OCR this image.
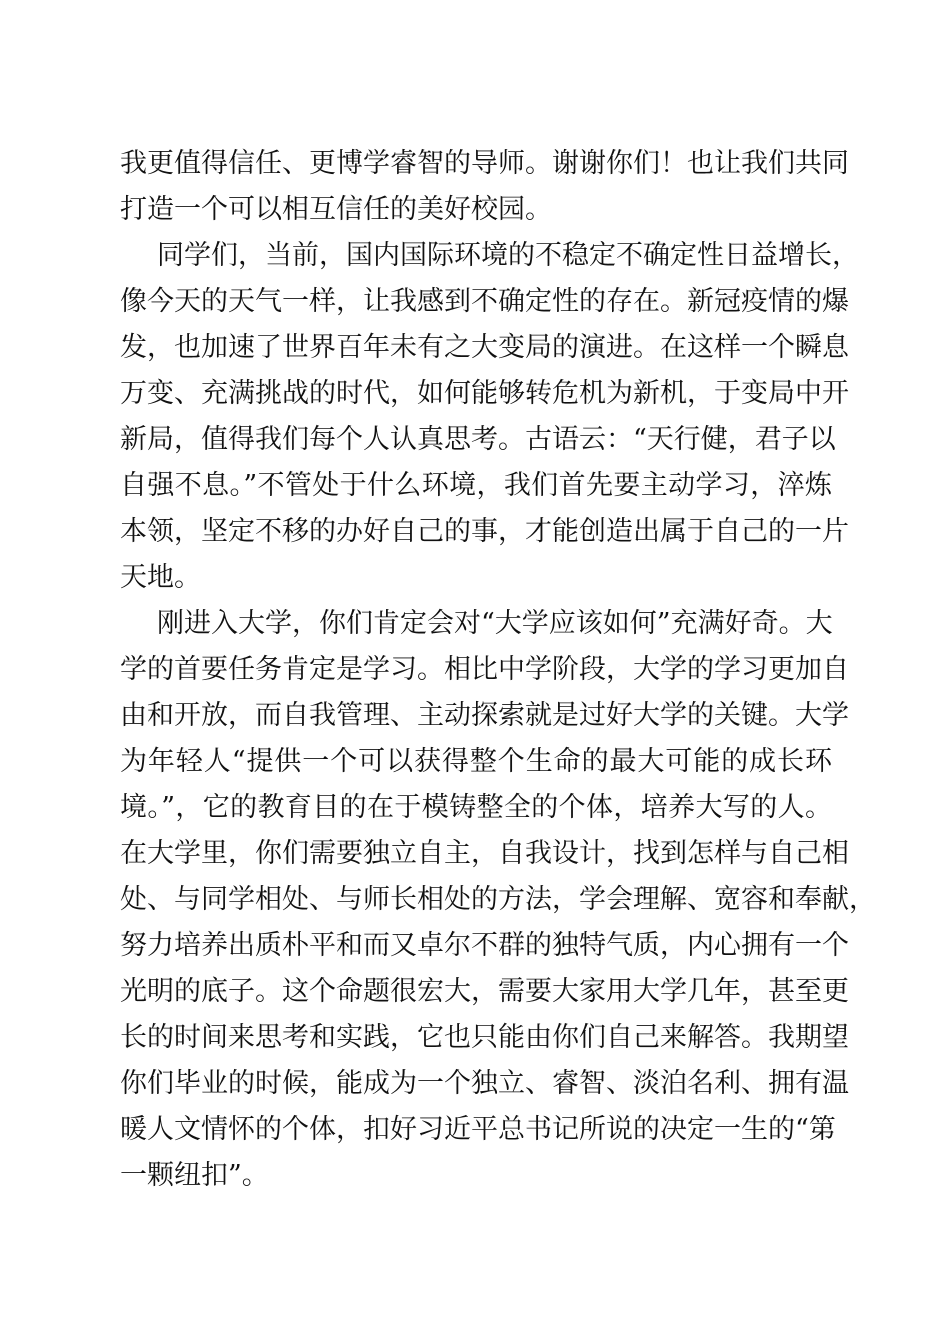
我更值得信任、更博学睿智的导师。谢谢你们！也让我们共同
打造一个可以相互信任的美好校园。
同学们，当前，国内国际环境的不稳定不确定性日益增长，
像今天的天气一样，让我感到不确定性的存在。新冠疫情的爆
发，也加速了世界百年未有之大变局的演进。在这样一个瞬息
万变、充满挑战的时代，如何能够转危机为新机，于变局中开
新局，值得我们每个人认真思考。古语云：“天行健，君子以
自强不息。”不管处于什么环境，我们首先要主动学习，淬炼
本领，坚定不移的办好自己的事，才能创造出属于自己的一片
天地。
刚进入大学，你们肯定会对“大学应该如何”充满好奇。大
学的首要任务肯定是学习。相比中学阶段，大学的学习更加自
由和开放，而自我管理、主动探索就是过好大学的关键。大学
为年轻人“提供一个可以获得整个生命的最大可能的成长环
境。”，它的教育目的在于模铸整全的个体，培养大写的人。
在大学里，你们需要独立自主，自我设计，找到怎样与自己相
处、与同学相处、与师长相处的方法，学会理解、宽容和奉献，
努力培养出质朴平和而又卓尔不群的独特气质，内心拥有一个
光明的底子。这个命题很宏大，需要大家用大学几年，甚至更
长的时间来思考和实践，它也只能由你们自己来解答。我期望
你们毕业的时候，能成为一个独立、睿智、淡泊名利、拥有温
暖人文情怀的个体，扣好习近平总书记所说的决定一生的“第
一颗纽扣”。
